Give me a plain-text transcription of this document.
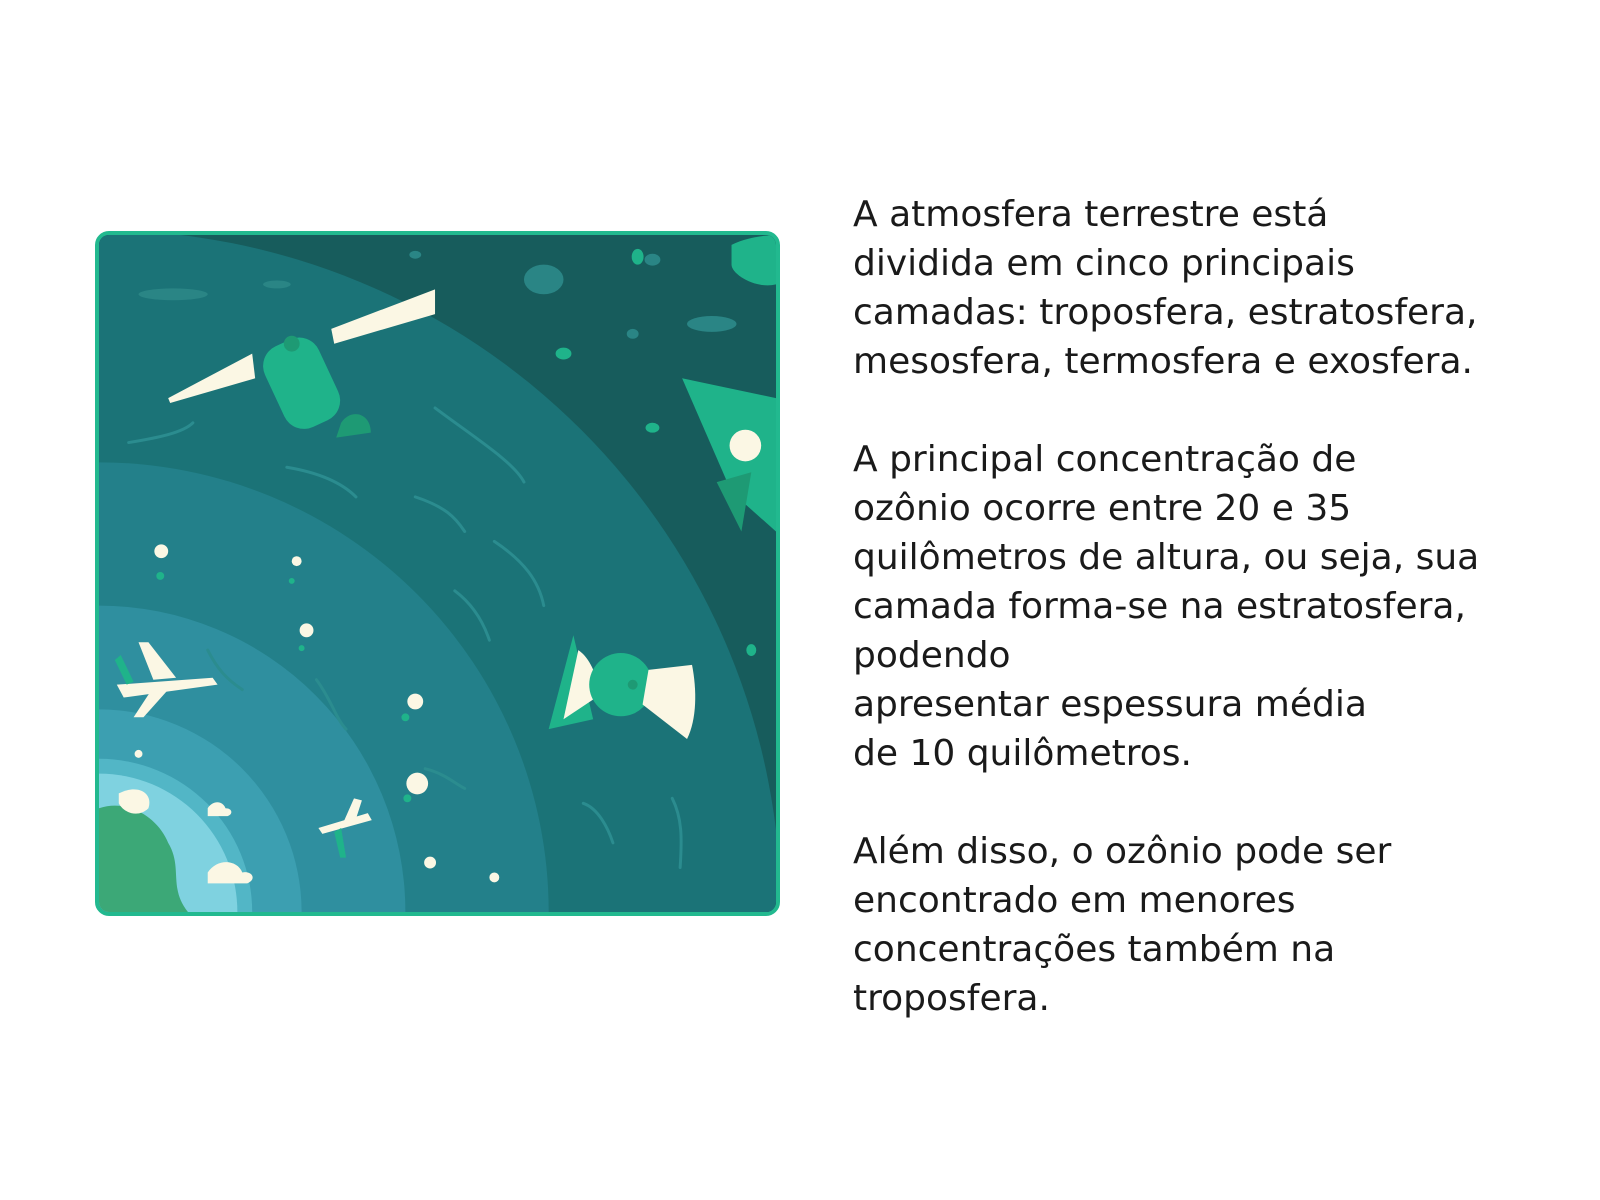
A atmosfera terrestre está
dividida em cinco principais
camadas: troposfera, estratosfera,
mesosfera, termosfera e exosfera.

A principal concentração de
ozônio ocorre entre 20 e 35
quilômetros de altura, ou seja, sua
camada forma-se na estratosfera,
podendo
apresentar espessura média
de 10 quilômetros.

Além disso, o ozônio pode ser
encontrado em menores
concentrações também na
troposfera.
